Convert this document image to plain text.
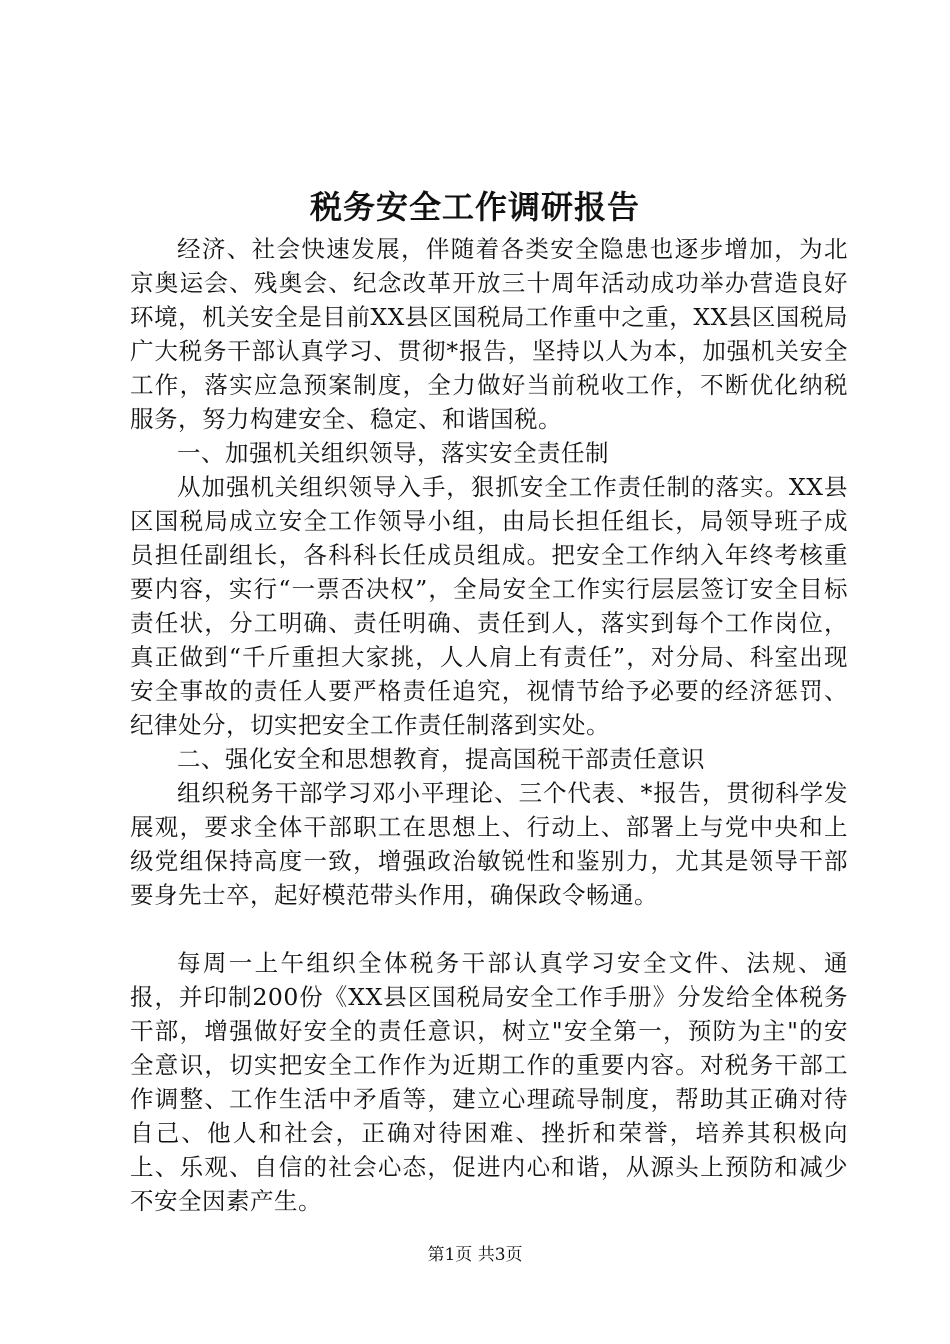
税务安全工作调研报告

经济、社会快速发展，伴随着各类安全隐患也逐步增加，为北京奥运会、残奥会、纪念改革开放三十周年活动成功举办营造良好环境，机关安全是目前XX县区国税局工作重中之重，XX县区国税局广大税务干部认真学习、贯彻*报告，坚持以人为本，加强机关安全工作，落实应急预案制度，全力做好当前税收工作，不断优化纳税服务，努力构建安全、稳定、和谐国税。

一、加强机关组织领导，落实安全责任制

从加强机关组织领导入手，狠抓安全工作责任制的落实。XX县区国税局成立安全工作领导小组，由局长担任组长，局领导班子成员担任副组长，各科科长任成员组成。把安全工作纳入年终考核重要内容，实行“一票否决权”，全局安全工作实行层层签订安全目标责任状，分工明确、责任明确、责任到人，落实到每个工作岗位，真正做到“千斤重担大家挑，人人肩上有责任”，对分局、科室出现安全事故的责任人要严格责任追究，视情节给予必要的经济惩罚、纪律处分，切实把安全工作责任制落到实处。

二、强化安全和思想教育，提高国税干部责任意识

组织税务干部学习邓小平理论、三个代表、*报告，贯彻科学发展观，要求全体干部职工在思想上、行动上、部署上与党中央和上级党组保持高度一致，增强政治敏锐性和鉴别力，尤其是领导干部要身先士卒，起好模范带头作用，确保政令畅通。

每周一上午组织全体税务干部认真学习安全文件、法规、通报，并印制200份《XX县区国税局安全工作手册》分发给全体税务干部，增强做好安全的责任意识，树立"安全第一，预防为主"的安全意识，切实把安全工作作为近期工作的重要内容。对税务干部工作调整、工作生活中矛盾等，建立心理疏导制度，帮助其正确对待自己、他人和社会，正确对待困难、挫折和荣誉，培养其积极向上、乐观、自信的社会心态，促进内心和谐，从源头上预防和减少不安全因素产生。

第1页 共3页
